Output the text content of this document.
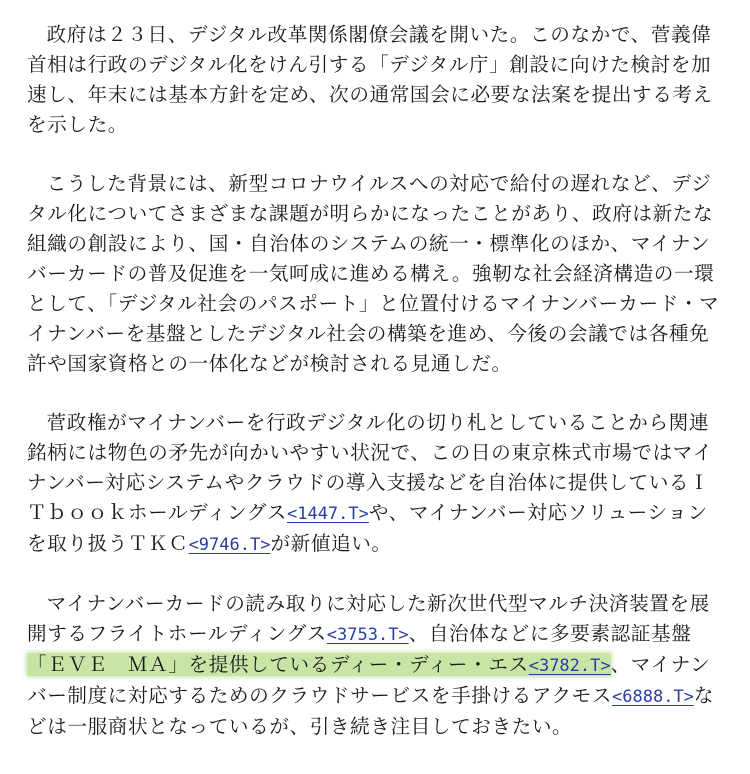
政府は２３日、デジタル改革関係閣僚会議を開いた。このなかで、菅義偉首相は行政のデジタル化をけん引する「デジタル庁」創設に向けた検討を加速し、年末には基本方針を定め、次の通常国会に必要な法案を提出する考えを示した。

こうした背景には、新型コロナウイルスへの対応で給付の遅れなど、デジタル化についてさまざまな課題が明らかになったことがあり、政府は新たな組織の創設により、国・自治体のシステムの統一・標準化のほか、マイナンバーカードの普及促進を一気呵成に進める構え。強靭な社会経済構造の一環として、「デジタル社会のパスポート」と位置付けるマイナンバーカード・マイナンバーを基盤としたデジタル社会の構築を進め、今後の会議では各種免許や国家資格との一体化などが検討される見通しだ。

菅政権がマイナンバーを行政デジタル化の切り札としていることから関連銘柄には物色の矛先が向かいやすい状況で、この日の東京株式市場ではマイナンバー対応システムやクラウドの導入支援などを自治体に提供しているＩＴｂｏｏｋホールディングス<1447.T>や、マイナンバー対応ソリューションを取り扱うＴＫＣ<9746.T>が新値追い。

マイナンバーカードの読み取りに対応した新次世代型マルチ決済装置を展開するフライトホールディングス<3753.T>、自治体などに多要素認証基盤「ＥＶＥ　ＭＡ」を提供しているディー・ディー・エス<3782.T>、マイナンバー制度に対応するためのクラウドサービスを手掛けるアクモス<6888.T>などは一服商状となっているが、引き続き注目しておきたい。
